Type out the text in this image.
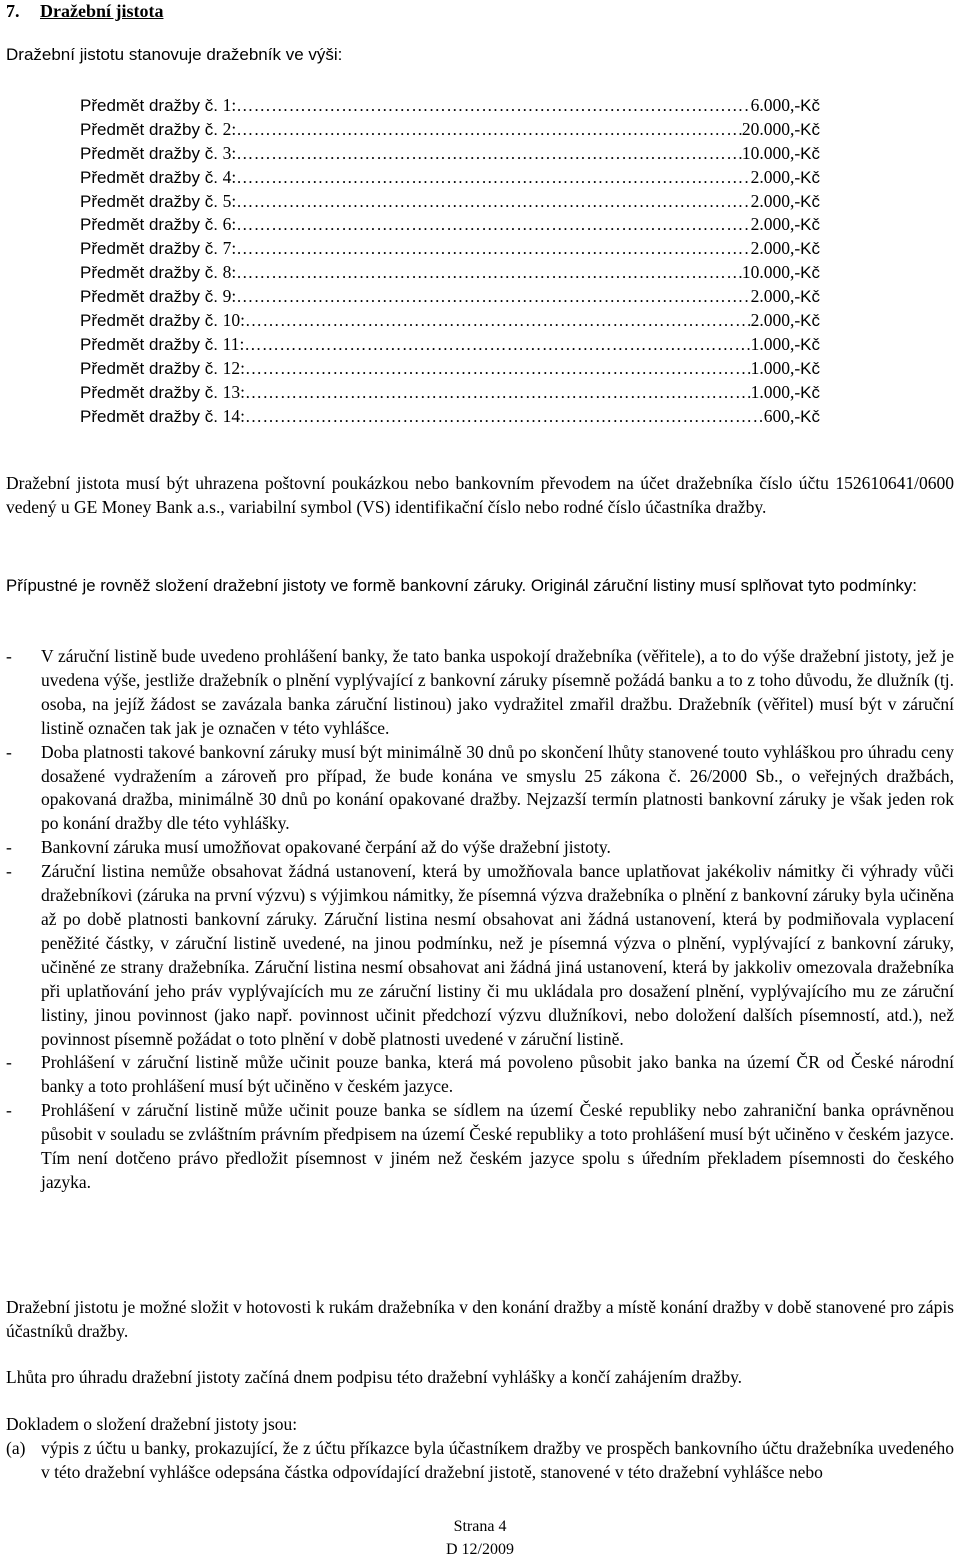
7. Dražební jistota
Dražební jistotu stanovuje dražebník ve výši:
Předmět dražby č. 1: …………………………………………………………………………………………………………………………………………	6.000,- Kč
Předmět dražby č. 2: …………………………………………………………………………………………………………………………………………	20.000,- Kč
Předmět dražby č. 3: …………………………………………………………………………………………………………………………………………	10.000,- Kč
Předmět dražby č. 4: …………………………………………………………………………………………………………………………………………	2.000,- Kč
Předmět dražby č. 5: …………………………………………………………………………………………………………………………………………	2.000,- Kč
Předmět dražby č. 6: …………………………………………………………………………………………………………………………………………	2.000,- Kč
Předmět dražby č. 7: …………………………………………………………………………………………………………………………………………	2.000,- Kč
Předmět dražby č. 8: …………………………………………………………………………………………………………………………………………	10.000,- Kč
Předmět dražby č. 9: …………………………………………………………………………………………………………………………………………	2.000,- Kč
Předmět dražby č. 10: …………………………………………………………………………………………………………………………………………	2.000,- Kč
Předmět dražby č. 11: …………………………………………………………………………………………………………………………………………	1.000,- Kč
Předmět dražby č. 12: …………………………………………………………………………………………………………………………………………	1.000,- Kč
Předmět dražby č. 13: …………………………………………………………………………………………………………………………………………	1.000,- Kč
Předmět dražby č. 14: …………………………………………………………………………………………………………………………………………	600,- Kč

Dražební jistota musí být uhrazena poštovní poukázkou nebo bankovním převodem na účet dražebníka číslo účtu 152610641/0600 vedený u GE Money Bank a.s., variabilní symbol (VS) identifikační číslo nebo rodné číslo účastníka dražby.

Přípustné je rovněž složení dražební jistoty ve formě bankovní záruky. Originál záruční listiny musí splňovat tyto podmínky:

- V záruční listině bude uvedeno prohlášení banky, že tato banka uspokojí dražebníka (věřitele), a to do výše dražební jistoty, jež je uvedena výše, jestliže dražebník o plnění vyplývající z bankovní záruky písemně požádá banku a to z toho důvodu, že dlužník (tj. osoba, na jejíž žádost se zavázala banka záruční listinou) jako vydražitel zmařil dražbu. Dražebník (věřitel) musí být v záruční listině označen tak jak je označen v této vyhlášce.
- Doba platnosti takové bankovní záruky musí být minimálně 30 dnů po skončení lhůty stanovené touto vyhláškou pro úhradu ceny dosažené vydražením a zároveň pro případ, že bude konána ve smyslu 25 zákona č. 26/2000 Sb., o veřejných dražbách, opakovaná dražba, minimálně 30 dnů po konání opakované dražby. Nejzazší termín platnosti bankovní záruky je však jeden rok po konání dražby dle této vyhlášky.
- Bankovní záruka musí umožňovat opakované čerpání až do výše dražební jistoty.
- Záruční listina nemůže obsahovat žádná ustanovení, která by umožňovala bance uplatňovat jakékoliv námitky či výhrady vůči dražebníkovi (záruka na první výzvu) s výjimkou námitky, že písemná výzva dražebníka o plnění z bankovní záruky byla učiněna až po době platnosti bankovní záruky. Záruční listina nesmí obsahovat ani žádná ustanovení, která by podmiňovala vyplacení peněžité částky, v záruční listině uvedené, na jinou podmínku, než je písemná výzva o plnění, vyplývající z bankovní záruky, učiněné ze strany dražebníka. Záruční listina nesmí obsahovat ani žádná jiná ustanovení, která by jakkoliv omezovala dražebníka při uplatňování jeho práv vyplývajících mu ze záruční listiny či mu ukládala pro dosažení plnění, vyplývajícího mu ze záruční listiny, jinou povinnost (jako např. povinnost učinit předchozí výzvu dlužníkovi, nebo doložení dalších písemností, atd.), než povinnost písemně požádat o toto plnění v době platnosti uvedené v záruční listině.
- Prohlášení v záruční listině může učinit pouze banka, která má povoleno působit jako banka na území ČR od České národní banky a toto prohlášení musí být učiněno v českém jazyce.
- Prohlášení v záruční listině může učinit pouze banka se sídlem na území České republiky nebo zahraniční banka oprávněnou působit v souladu se zvláštním právním předpisem na území České republiky a toto prohlášení musí být učiněno v českém jazyce. Tím není dotčeno právo předložit písemnost v jiném než českém jazyce spolu s úředním překladem písemnosti do českého jazyka.

Dražební jistotu je možné složit v hotovosti k rukám dražebníka v den konání dražby a místě konání dražby v době stanovené pro zápis účastníků dražby.

Lhůta pro úhradu dražební jistoty začíná dnem podpisu této dražební vyhlášky a končí zahájením dražby.

Dokladem o složení dražební jistoty jsou:

(a) výpis z účtu u banky, prokazující, že z účtu příkazce byla účastníkem dražby ve prospěch bankovního účtu dražebníka uvedeného v této dražební vyhlášce odepsána částka odpovídající dražební jistotě, stanovené v této dražební vyhlášce nebo
Strana 4
D 12/2009
